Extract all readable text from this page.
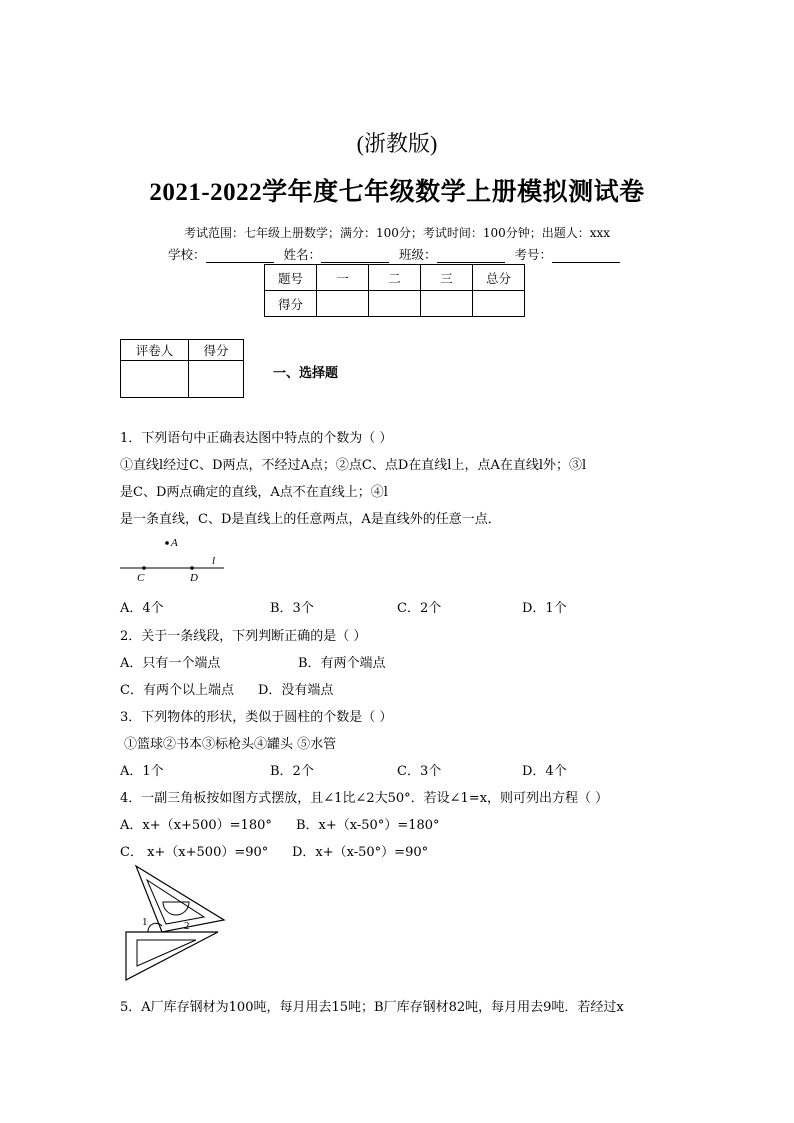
(浙教版)
2021-2022学年度七年级数学上册模拟测试卷
考试范围：七年级上册数学；满分：100分；考试时间：100分钟；出题人：xxx
学校：	姓名：	班级：	考号：
题号	一	二	三	总分
得分				
评卷人	得分

一、选择题
1．下列语句中正确表达图中特点的个数为（ ）
①直线l经过C、D两点，不经过A点；②点C、点D在直线l上，点A在直线l外；③l
是C、D两点确定的直线，A点不在直线上；④l
是一条直线，C、D是直线上的任意两点，A是直线外的任意一点．
A
C	D
l
A．4个	B．3个	C．2个	D．1个
2．关于一条线段，下列判断正确的是（ ）
A．只有一个端点	B．有两个端点
C．有两个以上端点 D．没有端点
3．下列物体的形状，类似于圆柱的个数是（ ）
①篮球②书本③标枪头④罐头 ⑤水管
A．1个	B．2个	C．3个	D．4个
4．一副三角板按如图方式摆放，且∠1比∠2大50°．若设∠1=x，则可列出方程（ ）
A．x+（x+500）=180° B．x+（x-50°）=180°
C． x+（x+500）=90° D．x+（x-50°）=90°
1	2
5．A厂库存钢材为100吨，每月用去15吨；B厂库存钢材82吨，每月用去9吨．若经过x
